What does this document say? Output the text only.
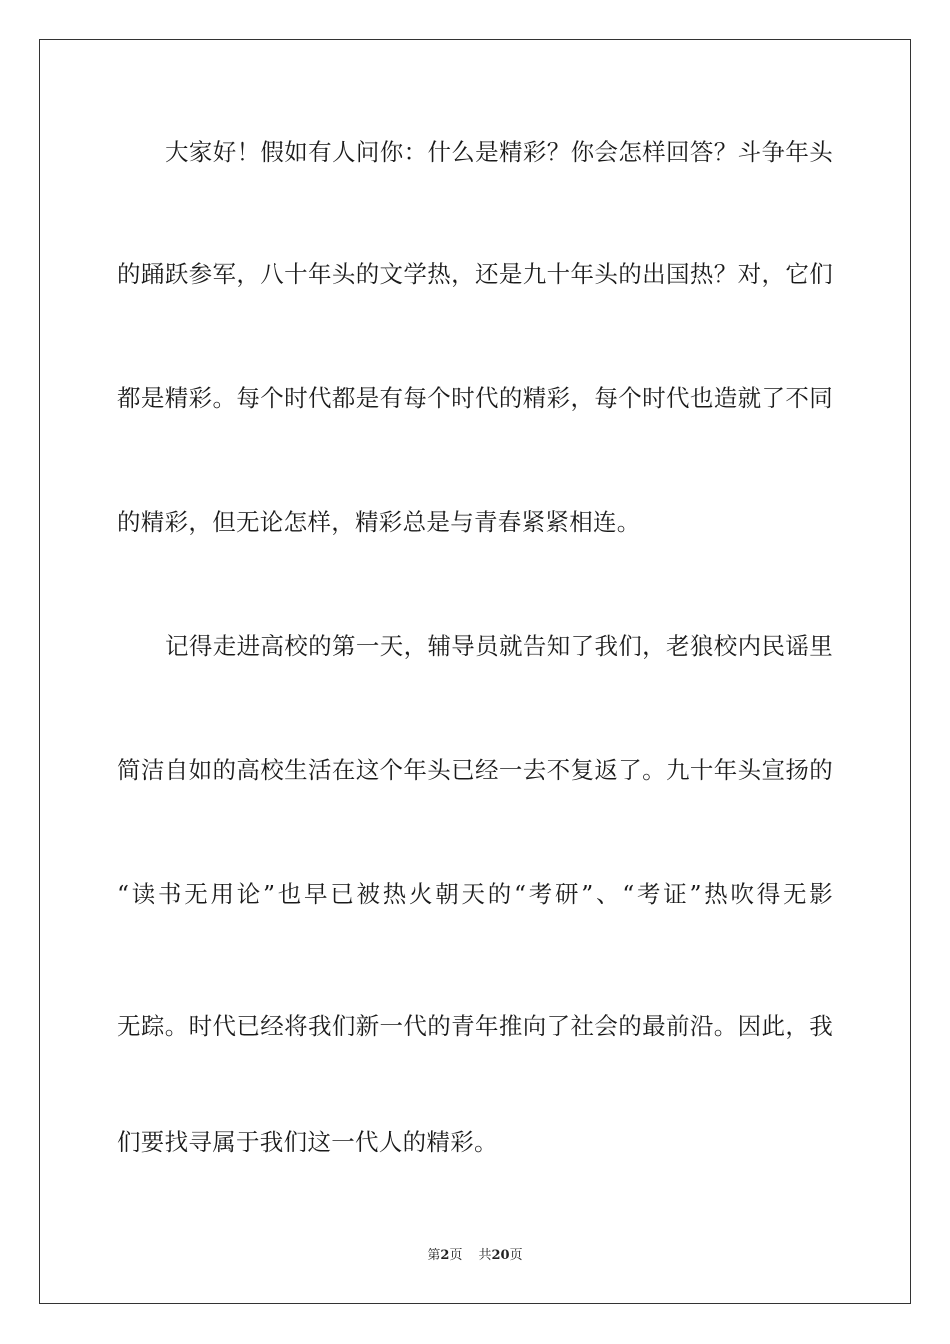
大家好！假如有人问你：什么是精彩？你会怎样回答？斗争年头
的踊跃参军，八十年头的文学热，还是九十年头的出国热？对，它们
都是精彩。每个时代都是有每个时代的精彩，每个时代也造就了不同
的精彩，但无论怎样，精彩总是与青春紧紧相连。
记得走进高校的第一天，辅导员就告知了我们，老狼校内民谣里
简洁自如的高校生活在这个年头已经一去不复返了。九十年头宣扬的
“读书无用论”也早已被热火朝天的“考研”、“考证”热吹得无影
无踪。时代已经将我们新一代的青年推向了社会的最前沿。因此，我
们要找寻属于我们这一代人的精彩。
第2页 共20页
